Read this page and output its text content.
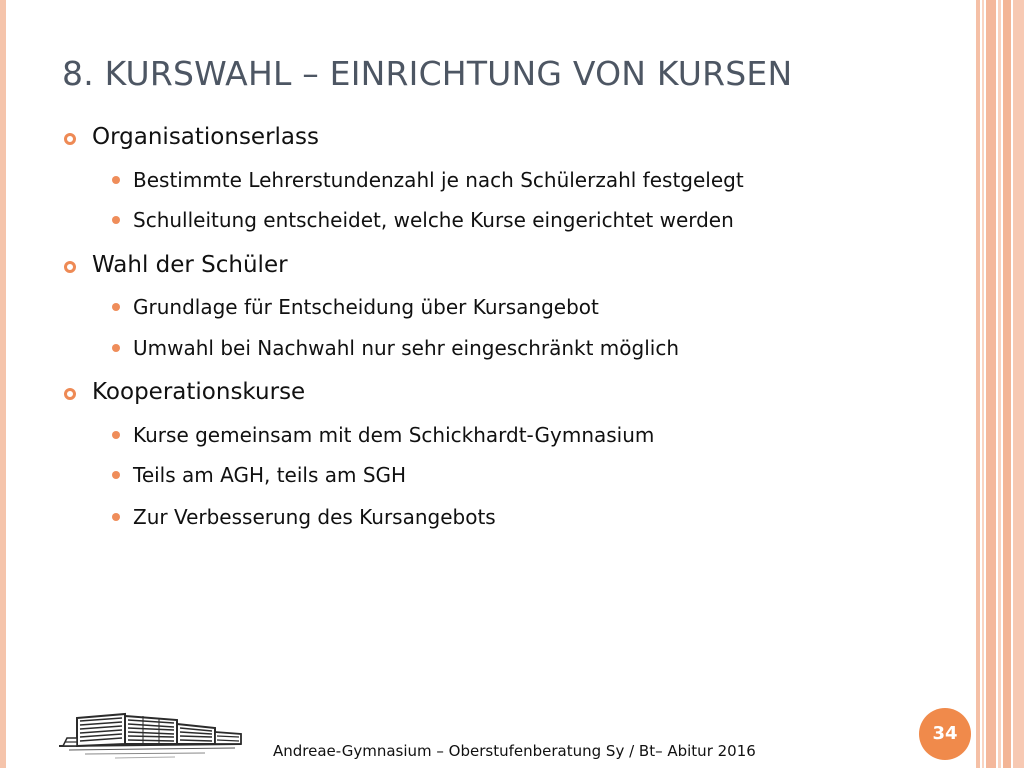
8. KURSWAHL – EINRICHTUNG VON KURSEN
Organisationserlass
Bestimmte Lehrerstundenzahl je nach Schülerzahl festgelegt
Schulleitung entscheidet, welche Kurse eingerichtet werden
Wahl der Schüler
Grundlage für Entscheidung über Kursangebot
Umwahl bei Nachwahl nur sehr eingeschränkt möglich
Kooperationskurse
Kurse gemeinsam mit dem Schickhardt-Gymnasium
Teils am AGH, teils am SGH
Zur Verbesserung des Kursangebots
Andreae-Gymnasium – Oberstufenberatung Sy / Bt– Abitur 2016
34
